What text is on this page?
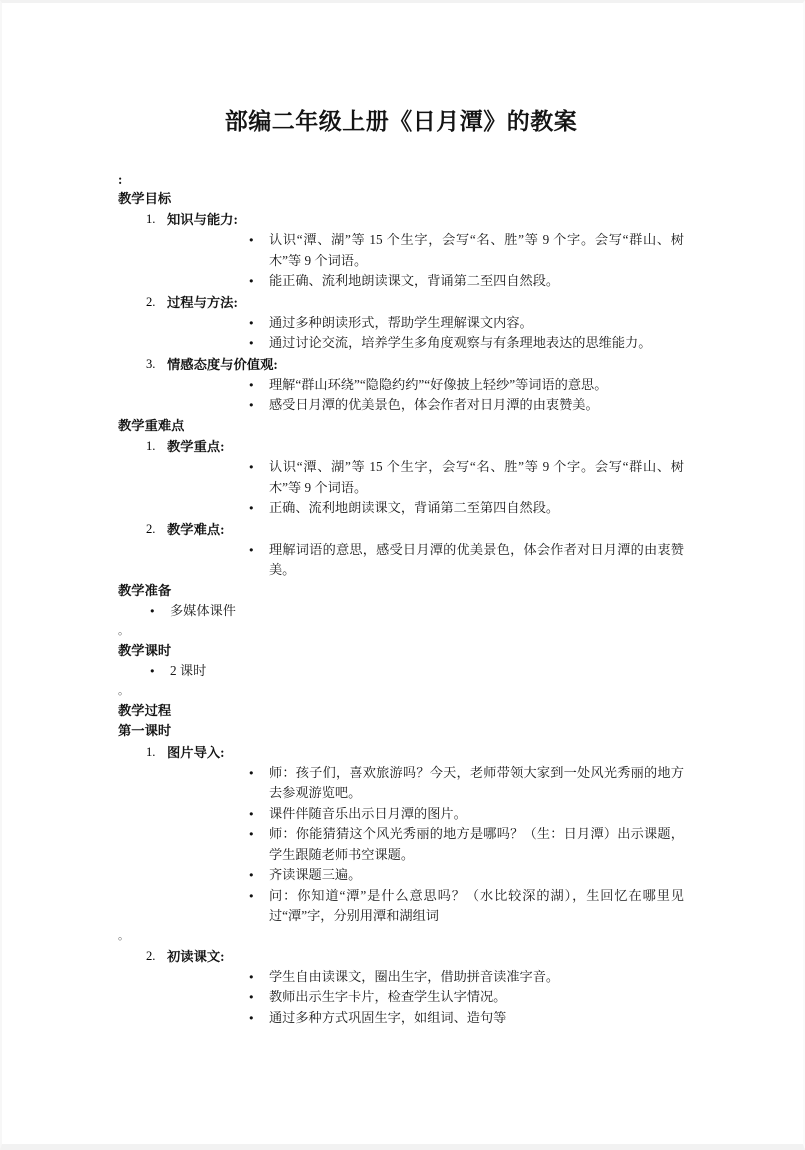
部编二年级上册《日月潭》的教案
:
教学目标
1. 知识与能力:
● 认识“潭、湖”等 15 个生字，会写“名、胜”等 9 个字。会写“群山、树木”等 9 个词语。
● 能正确、流利地朗读课文，背诵第二至四自然段。
2. 过程与方法:
● 通过多种朗读形式，帮助学生理解课文内容。
● 通过讨论交流，培养学生多角度观察与有条理地表达的思维能力。
3. 情感态度与价值观:
● 理解“群山环绕”“隐隐约约”“好像披上轻纱”等词语的意思。
● 感受日月潭的优美景色，体会作者对日月潭的由衷赞美。
教学重难点
1. 教学重点:
● 认识“潭、湖”等 15 个生字，会写“名、胜”等 9 个字。会写“群山、树木”等 9 个词语。
● 正确、流利地朗读课文，背诵第二至第四自然段。
2. 教学难点:
● 理解词语的意思，感受日月潭的优美景色，体会作者对日月潭的由衷赞美。
教学准备
● 多媒体课件
。
教学课时
● 2 课时
。
教学过程
第一课时
1. 图片导入:
● 师：孩子们，喜欢旅游吗？今天，老师带领大家到一处风光秀丽的地方去参观游览吧。
● 课件伴随音乐出示日月潭的图片。
● 师：你能猜猜这个风光秀丽的地方是哪吗？（生：日月潭）出示课题，学生跟随老师书空课题。
● 齐读课题三遍。
● 问：你知道“潭”是什么意思吗？（水比较深的湖），生回忆在哪里见过“潭”字，分别用潭和湖组词
。
2. 初读课文:
● 学生自由读课文，圈出生字，借助拼音读准字音。
● 教师出示生字卡片，检查学生认字情况。
● 通过多种方式巩固生字，如组词、造句等
